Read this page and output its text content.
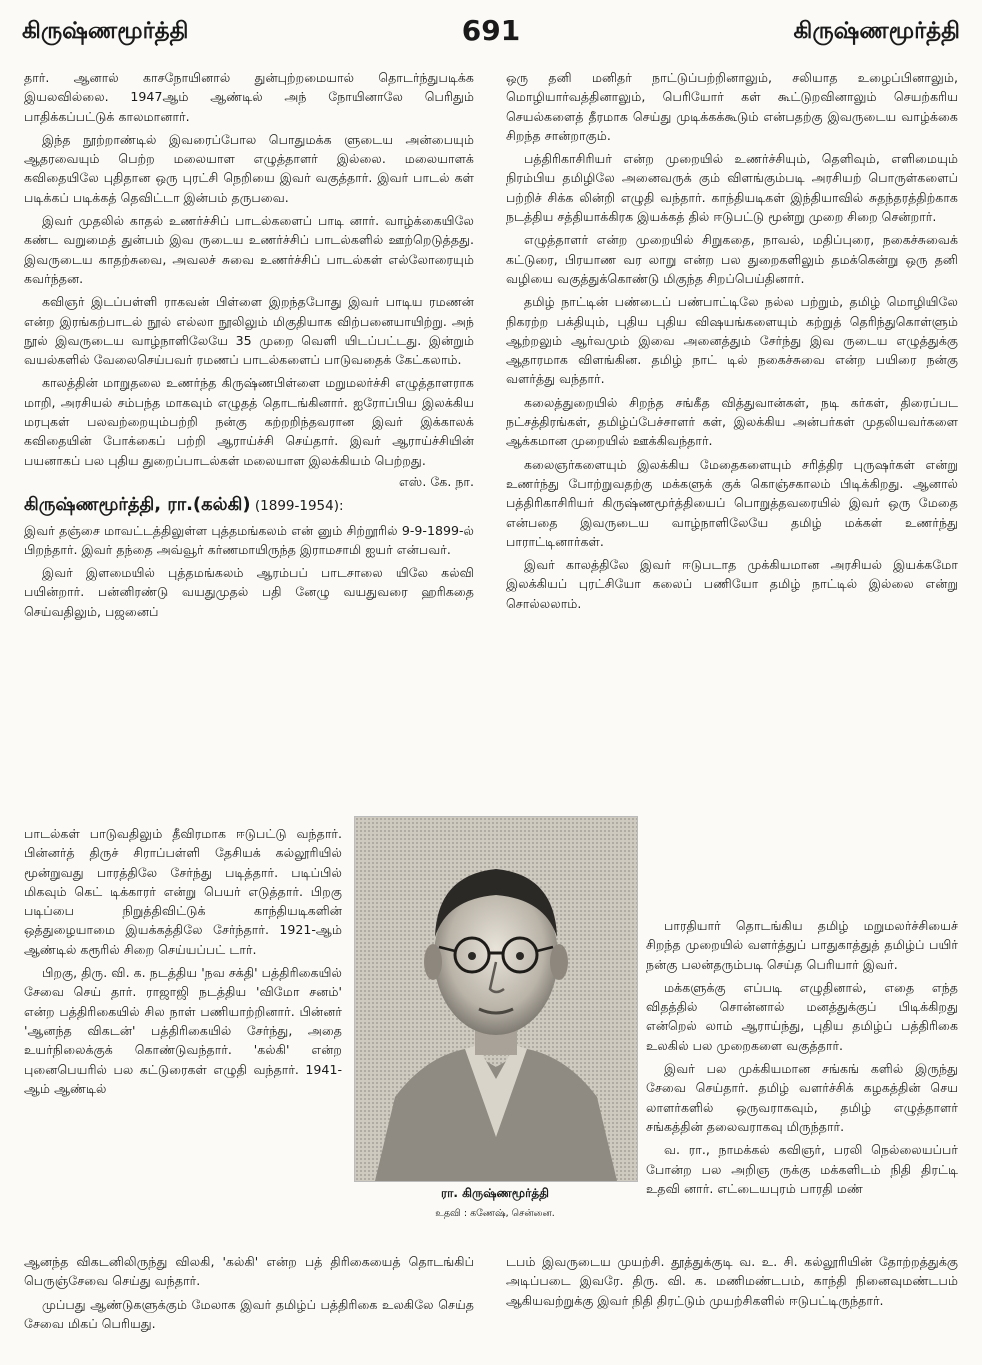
கிருஷ்ணமூர்த்தி	691	கிருஷ்ணமூர்த்தி

தார். ஆனால் காசநோயினால் துன்புற்றமையால் தொடர்ந்துபடிக்க இயலவில்லை. 1947ஆம் ஆண்டில் அந் நோயினாலே பெரிதும் பாதிக்கப்பட்டுக் காலமானார்.

இந்த நூற்றாண்டில் இவரைப்போல பொதுமக்க ளுடைய அன்பையும் ஆதரவையும் பெற்ற மலையாள எழுத்தாளர் இல்லை. மலையாளக் கவிதையிலே புதிதான ஒரு புரட்சி நெறியை இவர் வகுத்தார். இவர் பாடல் கள் படிக்கப் படிக்கத் தெவிட்டா இன்பம் தருபவை.

இவர் முதலில் காதல் உணர்ச்சிப் பாடல்களைப் பாடி னார். வாழ்க்கையிலே கண்ட வறுமைத் துன்பம் இவ ருடைய உணர்ச்சிப் பாடல்களில் ஊற்றெடுத்தது. இவருடைய காதற்சுவை, அவலச் சுவை உணர்ச்சிப் பாடல்கள் எல்லோரையும் கவர்ந்தன.

கவிஞர் இடப்பள்ளி ராகவன் பிள்ளை இறந்தபோது இவர் பாடிய ரமணன் என்ற இரங்கற்பாடல் நூல் எல்லா நூலிலும் மிகுதியாக விற்பனையாயிற்று. அந் நூல் இவருடைய வாழ்நாளிலேயே 35 முறை வெளி யிடப்பட்டது. இன்றும் வயல்களில் வேலைசெய்பவர் ரமணப் பாடல்களைப் பாடுவதைக் கேட்கலாம்.

காலத்தின் மாறுதலை உணர்ந்த கிருஷ்ணபிள்ளை மறுமலர்ச்சி எழுத்தாளராக மாறி, அரசியல் சம்பந்த மாகவும் எழுதத் தொடங்கினார். ஐரோப்பிய இலக்கிய மரபுகள் பலவற்றையும்பற்றி நன்கு கற்றறிந்தவரான இவர் இக்காலக் கவிதையின் போக்கைப் பற்றி ஆராய்ச்சி செய்தார். இவர் ஆராய்ச்சியின் பயனாகப் பல புதிய துறைப்பாடல்கள் மலையாள இலக்கியம் பெற்றது.

எஸ். கே. நா.

கிருஷ்ணமூர்த்தி, ரா.(கல்கி) (1899-1954):

இவர் தஞ்சை மாவட்டத்திலுள்ள புத்தமங்கலம் என் னும் சிற்றூரில் 9-9-1899-ல் பிறந்தார். இவர் தந்தை அவ்வூர் கர்ணமாயிருந்த இராமசாமி ஐயர் என்பவர்.

இவர் இளமையில் புத்தமங்கலம் ஆரம்பப் பாடசாலை யிலே கல்வி பயின்றார். பன்னிரண்டு வயதுமுதல் பதி னேழு வயதுவரை ஹரிகதை செய்வதிலும், பஜனைப்

பாடல்கள் பாடுவதிலும் தீவிரமாக ஈடுபட்டு வந்தார். பின்னர்த் திருச் சிராப்பள்ளி தேசியக் கல்லூரியில் மூன்றுவது பாரத்திலே சேர்ந்து படித்தார். படிப்பில் மிகவும் கெட் டிக்காரர் என்று பெயர் எடுத்தார். பிறகு படிப்பை நிறுத்திவிட்டுக் காந்தியடிகளின் ஒத்துழையாமை இயக்கத்திலே சேர்ந்தார். 1921-ஆம் ஆண்டில் கரூரில் சிறை செய்யப்பட் டார்.

பிறகு, திரு. வி. க. நடத்திய 'நவ சக்தி' பத்திரிகையில் சேவை செய் தார். ராஜாஜி நடத்திய 'விமோ சனம்' என்ற பத்திரிகையில் சில நாள் பணியாற்றினார். பின்னர் 'ஆனந்த விகடன்' பத்திரிகையில் சேர்ந்து, அதை உயர்நிலைக்குக் கொண்டுவந்தார். 'கல்கி' என்ற புனைபெயரில் பல கட்டுரைகள் எழுதி வந்தார். 1941-ஆம் ஆண்டில்

ரா. கிருஷ்ணமூர்த்தி
உதவி : கணேஷ், சென்னை.

ஆனந்த விகடனிலிருந்து விலகி, 'கல்கி' என்ற பத் திரிகையைத் தொடங்கிப் பெருஞ்சேவை செய்து வந்தார்.

முப்பது ஆண்டுகளுக்கும் மேலாக இவர் தமிழ்ப் பத்திரிகை உலகிலே செய்த சேவை மிகப் பெரியது.

ஒரு தனி மனிதர் நாட்டுப்பற்றினாலும், சலியாத உழைப்பினாலும், மொழியார்வத்தினாலும், பெரியோர் கள் கூட்டுறவினாலும் செயற்கரிய செயல்களைத் தீரமாக செய்து முடிக்கக்கூடும் என்பதற்கு இவருடைய வாழ்க்கை சிறந்த சான்றாகும்.

பத்திரிகாசிரியர் என்ற முறையில் உணர்ச்சியும், தெளிவும், எளிமையும் நிரம்பிய தமிழிலே அனைவருக் கும் விளங்கும்படி அரசியற் பொருள்களைப் பற்றிச் சிக்க லின்றி எழுதி வந்தார். காந்தியடிகள் இந்தியாவில் சுதந்தரத்திற்காக நடத்திய சத்தியாக்கிரக இயக்கத் தில் ஈடுபட்டு மூன்று முறை சிறை சென்றார்.

எழுத்தாளர் என்ற முறையில் சிறுகதை, நாவல், மதிப்புரை, நகைச்சுவைக் கட்டுரை, பிரயாண வர லாறு என்ற பல துறைகளிலும் தமக்கென்று ஒரு தனி வழியை வகுத்துக்கொண்டு மிகுந்த சிறப்பெய்தினார்.

தமிழ் நாட்டின் பண்டைப் பண்பாட்டிலே நல்ல பற்றும், தமிழ் மொழியிலே நிகரற்ற பக்தியும், புதிய புதிய விஷயங்களையும் கற்றுத் தெரிந்துகொள்ளும் ஆற்றலும் ஆர்வமும் இவை அனைத்தும் சேர்ந்து இவ ருடைய எழுத்துக்கு ஆதாரமாக விளங்கின. தமிழ் நாட் டில் நகைச்சுவை என்ற பயிரை நன்கு வளர்த்து வந்தார்.

கலைத்துறையில் சிறந்த சங்கீத வித்துவான்கள், நடி கர்கள், திரைப்பட நட்சத்திரங்கள், தமிழ்ப்பேச்சாளர் கள், இலக்கிய அன்பர்கள் முதலியவர்களை ஆக்கமான முறையில் ஊக்கிவந்தார்.

கலைஞர்களையும் இலக்கிய மேதைகளையும் சரித்திர புருஷர்கள் என்று உணர்ந்து போற்றுவதற்கு மக்களுக் குக் கொஞ்சகாலம் பிடிக்கிறது. ஆனால் பத்திரிகாசிரியர் கிருஷ்ணமூர்த்தியைப் பொறுத்தவரையில் இவர் ஒரு மேதை என்பதை இவருடைய வாழ்நாளிலேயே தமிழ் மக்கள் உணர்ந்து பாராட்டினார்கள்.

இவர் காலத்திலே இவர் ஈடுபடாத முக்கியமான அரசியல் இயக்கமோ இலக்கியப் புரட்சியோ கலைப் பணியோ தமிழ் நாட்டில் இல்லை என்று சொல்லலாம்.

பாரதியார் தொடங்கிய தமிழ் மறுமலர்ச்சியைச் சிறந்த முறையில் வளர்த்துப் பாதுகாத்துத் தமிழ்ப் பயிர் நன்கு பலன்தரும்படி செய்த பெரியார் இவர்.

மக்களுக்கு எப்படி எழுதினால், எதை எந்த விதத்தில் சொன்னால் மனத்துக்குப் பிடிக்கிறது என்றெல் லாம் ஆராய்ந்து, புதிய தமிழ்ப் பத்திரிகை உலகில் பல முறைகளை வகுத்தார்.

இவர் பல முக்கியமான சங்கங் களில் இருந்து சேவை செய்தார். தமிழ் வளர்ச்சிக் கழகத்தின் செய லாளர்களில் ஒருவராகவும், தமிழ் எழுத்தாளர் சங்கத்தின் தலைவராகவு மிருந்தார்.

வ. ரா., நாமக்கல் கவிஞர், பரலி நெல்லையப்பர் போன்ற பல அறிஞ ருக்கு மக்களிடம் நிதி திரட்டி உதவி னார். எட்டையபுரம் பாரதி மண்

டபம் இவருடைய முயற்சி. தூத்துக்குடி வ. உ. சி. கல்லூரியின் தோற்றத்துக்கு அடிப்படை இவரே. திரு. வி. க. மணிமண்டபம், காந்தி நினைவுமண்டபம் ஆகியவற்றுக்கு இவர் நிதி திரட்டும் முயற்சிகளில் ஈடுபட்டிருந்தார்.
